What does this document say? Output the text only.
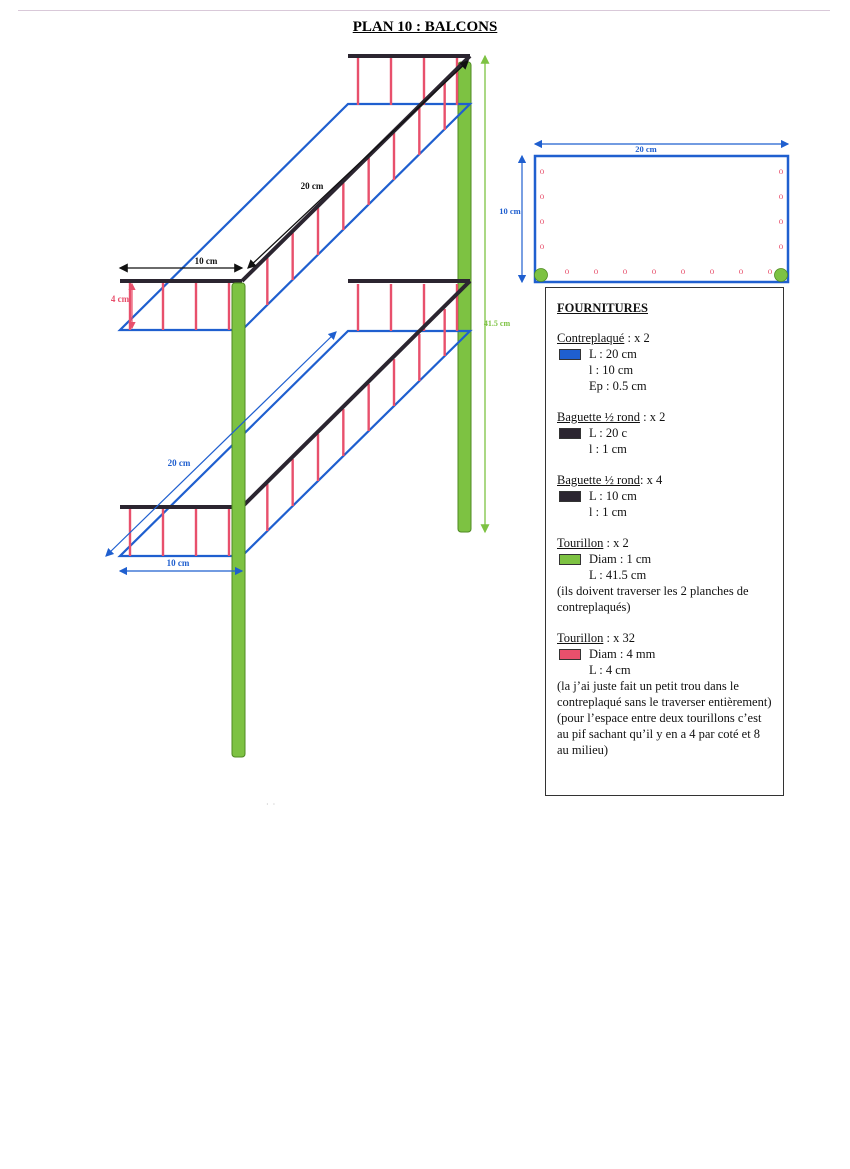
PLAN 10 : BALCONS
10 cm
20 cm
4 cm
20 cm
10 cm
41.5 cm
20 cm
10 cm
o	o
o	o
o	o
o	o
o	o	o	o	o	o	o	o
FOURNITURES
Contreplaqué : x 2
L : 20 cm
l : 10 cm
Ep : 0.5 cm
Baguette ½ rond : x 2
L : 20 c
l : 1 cm
Baguette ½ rond: x 4
L : 10 cm
l : 1 cm
Tourillon : x 2
Diam : 1 cm
L : 41.5 cm
(ils doivent traverser les 2 planches de contreplaqués)
Tourillon : x 32
Diam : 4 mm
L : 4 cm
(la j’ai juste fait un petit trou dans le contreplaqué sans le traverser entièrement)
(pour l’espace entre deux tourillons c’est au pif sachant qu’il y en a 4 par coté et 8 au milieu)
·  ·
